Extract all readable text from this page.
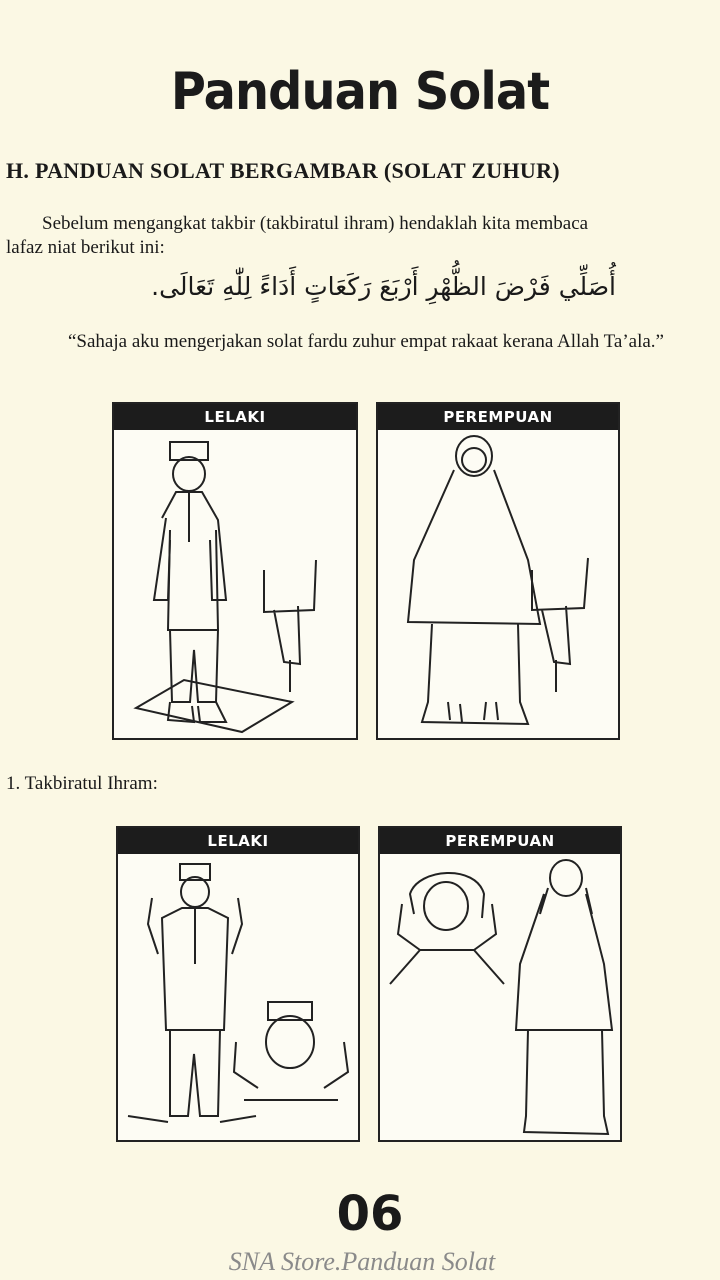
Panduan Solat
H. PANDUAN SOLAT BERGAMBAR (SOLAT ZUHUR)
Sebelum mengangkat takbir (takbiratul ihram) hendaklah kita membaca
lafaz niat berikut ini:
أُصَلِّي فَرْضَ الظُّهْرِ أَرْبَعَ رَكَعَاتٍ أَدَاءً لِلّٰهِ تَعَالَى.
“Sahaja aku mengerjakan solat fardu zuhur empat rakaat kerana Allah Ta’ala.”
LELAKI	PEREMPUAN
1. Takbiratul Ihram:
LELAKI	PEREMPUAN
06
SNA Store.Panduan Solat
